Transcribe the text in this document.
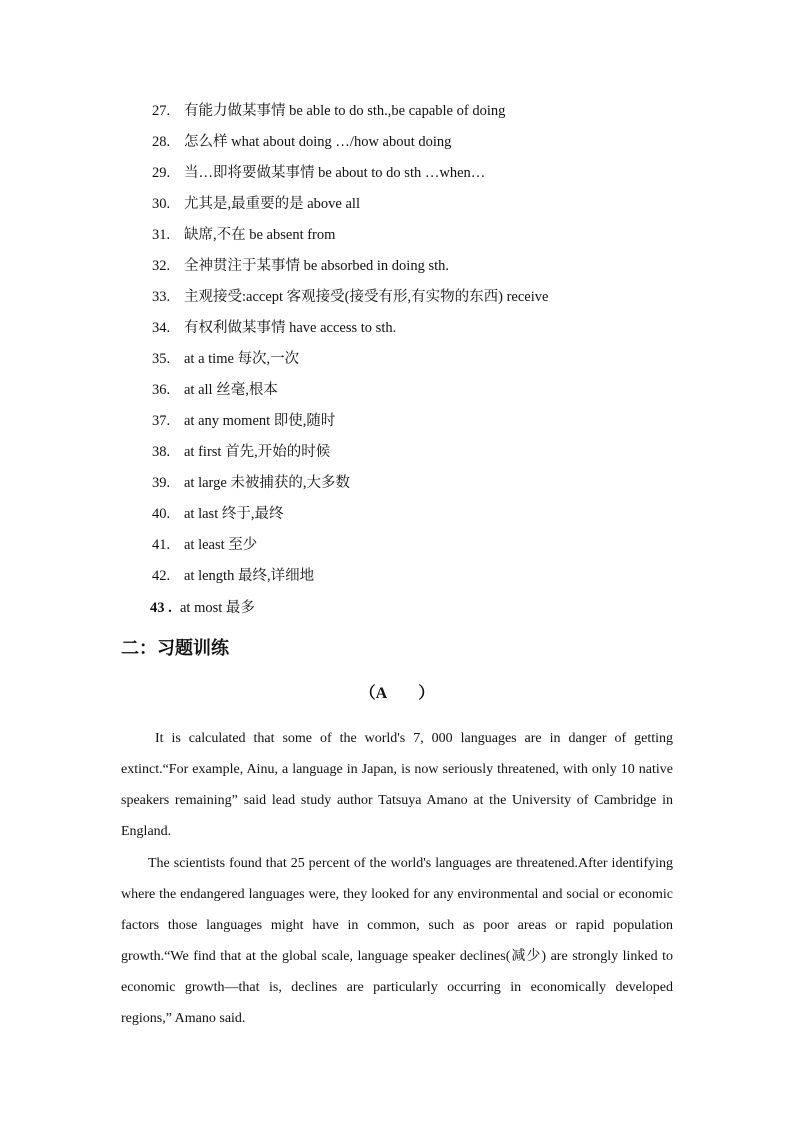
27. 有能力做某事情 be able to do sth.,be capable of doing
28. 怎么样 what about doing …/how about doing
29. 当…即将要做某事情 be about to do sth …when…
30. 尤其是,最重要的是 above all
31. 缺席,不在 be absent from
32. 全神贯注于某事情 be absorbed in doing sth.
33. 主观接受:accept 客观接受(接受有形,有实物的东西) receive
34. 有权利做某事情 have access to sth.
35. at a time 每次,一次
36. at all 丝毫,根本
37. at any moment 即使,随时
38. at first 首先,开始的时候
39. at large 未被捕获的,大多数
40. at last 终于,最终
41. at least 至少
42. at length 最终,详细地
43 . at most 最多
二：习题训练
（A　　）

It is calculated that some of the world's 7, 000 languages are in danger of getting extinct.“For example, Ainu, a language in Japan, is now seriously threatened, with only 10 native speakers remaining” said lead study author Tatsuya Amano at the University of Cambridge in England.

The scientists found that 25 percent of the world's languages are threatened.After identifying where the endangered languages were, they looked for any environmental and social or economic factors those languages might have in common, such as poor areas or rapid population growth.“We find that at the global scale, language speaker declines(减少) are strongly linked to economic growth—that is, declines are particularly occurring in economically developed regions,” Amano said.
